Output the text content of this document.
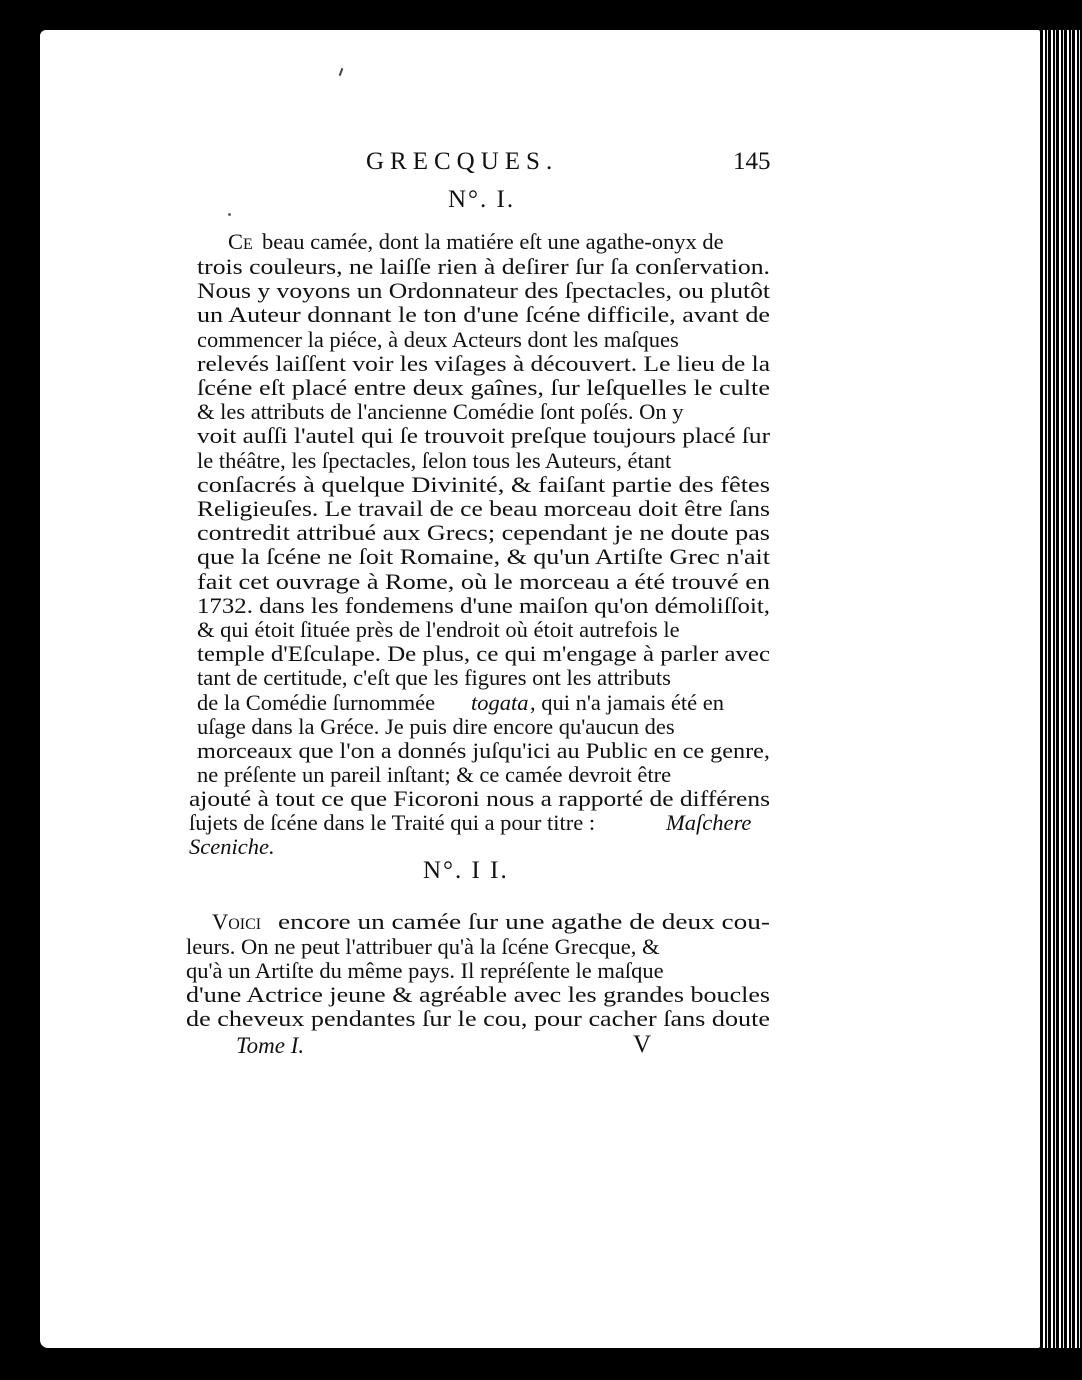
GRECQUES.	145
N°. I.
Ce beau camée, dont la matiére eſt une agathe-onyx de
trois couleurs, ne laiſſe rien à deſirer ſur ſa conſervation.
Nous y voyons un Ordonnateur des ſpectacles, ou plutôt
un Auteur donnant le ton d'une ſcéne difficile, avant de
commencer la piéce, à deux Acteurs dont les maſques
relevés laiſſent voir les viſages à découvert. Le lieu de la
ſcéne eſt placé entre deux gaînes, ſur leſquelles le culte
& les attributs de l'ancienne Comédie ſont poſés. On y
voit auſſi l'autel qui ſe trouvoit preſque toujours placé ſur
le théâtre, les ſpectacles, ſelon tous les Auteurs, étant
conſacrés à quelque Divinité, & faiſant partie des fêtes
Religieuſes. Le travail de ce beau morceau doit être ſans
contredit attribué aux Grecs; cependant je ne doute pas
que la ſcéne ne ſoit Romaine, & qu'un Artiſte Grec n'ait
fait cet ouvrage à Rome, où le morceau a été trouvé en
1732. dans les fondemens d'une maiſon qu'on démoliſſoit,
& qui étoit ſituée près de l'endroit où étoit autrefois le
temple d'Eſculape. De plus, ce qui m'engage à parler avec
tant de certitude, c'eſt que les figures ont les attributs
de la Comédie ſurnommée togata , qui n'a jamais été en
uſage dans la Gréce. Je puis dire encore qu'aucun des
morceaux que l'on a donnés juſqu'ici au Public en ce genre,
ne préſente un pareil inſtant; & ce camée devroit être
ajouté à tout ce que Ficoroni nous a rapporté de différens
ſujets de ſcéne dans le Traité qui a pour titre :	Maſchere
Sceniche.
N°. I I.
Voici encore un camée ſur une agathe de deux cou-
leurs. On ne peut l'attribuer qu'à la ſcéne Grecque, &
qu'à un Artiſte du même pays. Il repréſente le maſque
d'une Actrice jeune & agréable avec les grandes boucles
de cheveux pendantes ſur le cou, pour cacher ſans doute
Tome I.	V
